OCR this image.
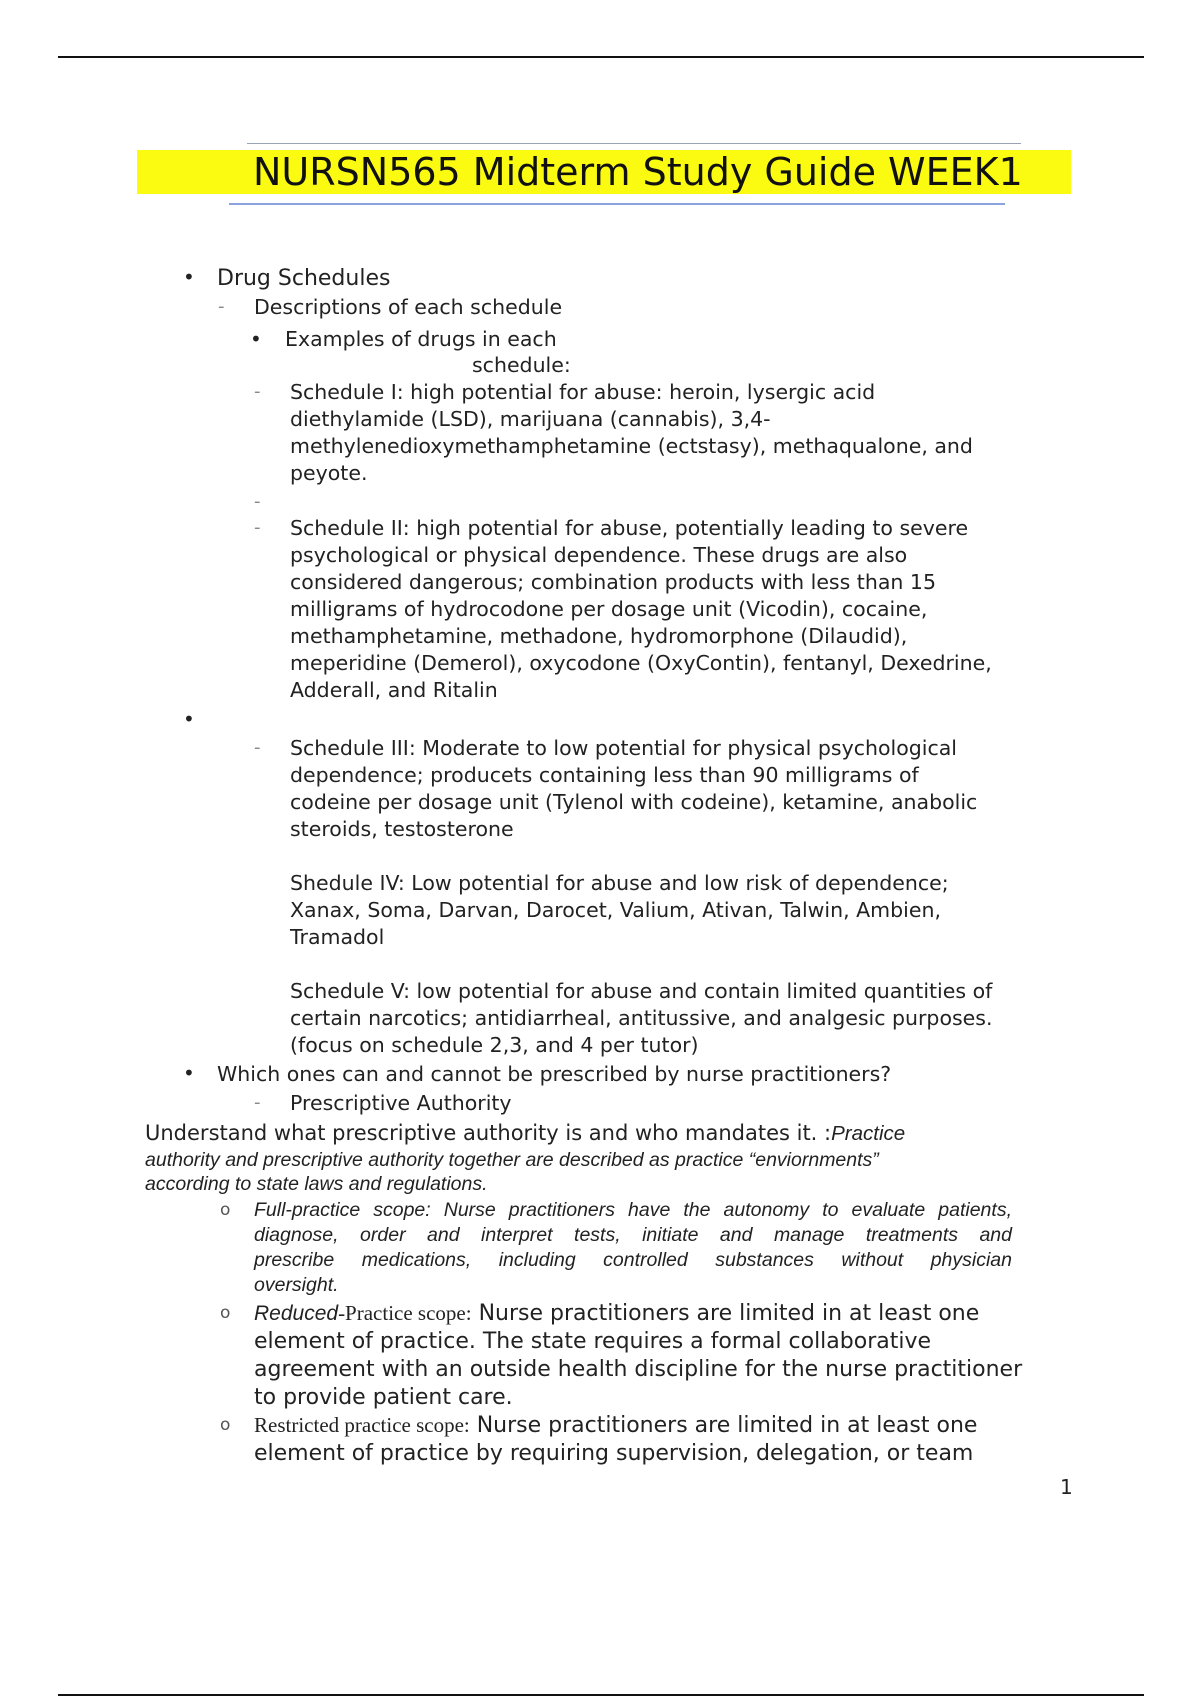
NURSN565 Midterm Study Guide WEEK1
• Drug Schedules
- Descriptions of each schedule
• Examples of drugs in each
schedule:
- Schedule I: high potential for abuse: heroin, lysergic acid
diethylamide (LSD), marijuana (cannabis), 3,4-
methylenedioxymethamphetamine (ectstasy), methaqualone, and
peyote.
-
- Schedule II: high potential for abuse, potentially leading to severe
psychological or physical dependence. These drugs are also
considered dangerous; combination products with less than 15
milligrams of hydrocodone per dosage unit (Vicodin), cocaine,
methamphetamine, methadone, hydromorphone (Dilaudid),
meperidine (Demerol), oxycodone (OxyContin), fentanyl, Dexedrine,
Adderall, and Ritalin
•
- Schedule III: Moderate to low potential for physical psychological
dependence; producets containing less than 90 milligrams of
codeine per dosage unit (Tylenol with codeine), ketamine, anabolic
steroids, testosterone
Shedule IV: Low potential for abuse and low risk of dependence;
Xanax, Soma, Darvan, Darocet, Valium, Ativan, Talwin, Ambien,
Tramadol
Schedule V: low potential for abuse and contain limited quantities of
certain narcotics; antidiarrheal, antitussive, and analgesic purposes.
(focus on schedule 2,3, and 4 per tutor)
• Which ones can and cannot be prescribed by nurse practitioners?
- Prescriptive Authority
Understand what prescriptive authority is and who mandates it. :Practice
authority and prescriptive authority together are described as practice “enviornments”
according to state laws and regulations.
o Full-practice scope: Nurse practitioners have the autonomy to evaluate patients,
diagnose, order and interpret tests, initiate and manage treatments and
prescribe medications, including controlled substances without physician
oversight.
o Reduced-Practice scope: Nurse practitioners are limited in at least one
element of practice. The state requires a formal collaborative
agreement with an outside health discipline for the nurse practitioner
to provide patient care.
o Restricted practice scope: Nurse practitioners are limited in at least one
element of practice by requiring supervision, delegation, or team
1
